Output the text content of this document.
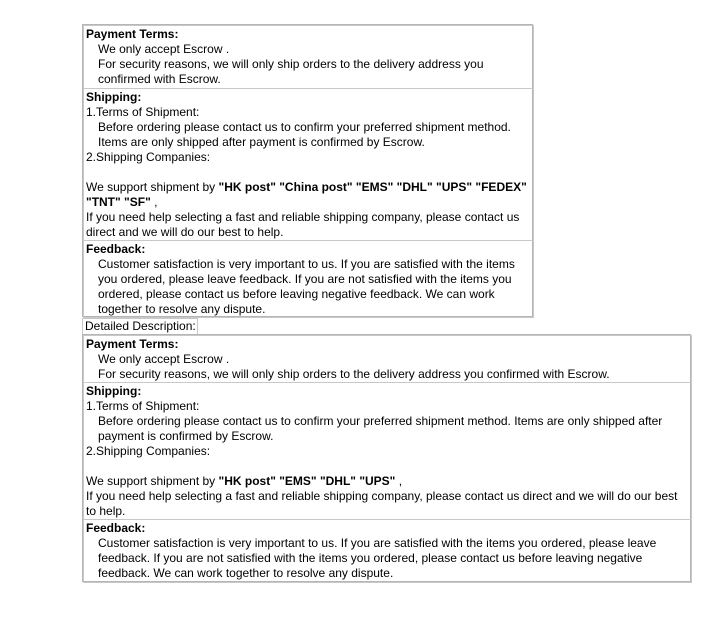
Payment Terms:
We only accept Escrow .
For security reasons, we will only ship orders to the delivery address you confirmed with Escrow.
Shipping:
1.Terms of Shipment:
Before ordering please contact us to confirm your preferred shipment method. Items are only shipped after payment is confirmed by Escrow.
2.Shipping Companies:
We support shipment by "HK post" "China post" "EMS" "DHL" "UPS" "FEDEX" "TNT" "SF" ,
If you need help selecting a fast and reliable shipping company, please contact us direct and we will do our best to help.
Feedback:
Customer satisfaction is very important to us. If you are satisfied with the items you ordered, please leave feedback. If you are not satisfied with the items you ordered, please contact us before leaving negative feedback. We can work together to resolve any dispute.
Detailed Description:
Payment Terms:
We only accept Escrow .
For security reasons, we will only ship orders to the delivery address you confirmed with Escrow.
Shipping:
1.Terms of Shipment:
Before ordering please contact us to confirm your preferred shipment method. Items are only shipped after payment is confirmed by Escrow.
2.Shipping Companies:
We support shipment by "HK post" "EMS" "DHL" "UPS" ,
If you need help selecting a fast and reliable shipping company, please contact us direct and we will do our best to help.
Feedback:
Customer satisfaction is very important to us. If you are satisfied with the items you ordered, please leave feedback. If you are not satisfied with the items you ordered, please contact us before leaving negative feedback. We can work together to resolve any dispute.
